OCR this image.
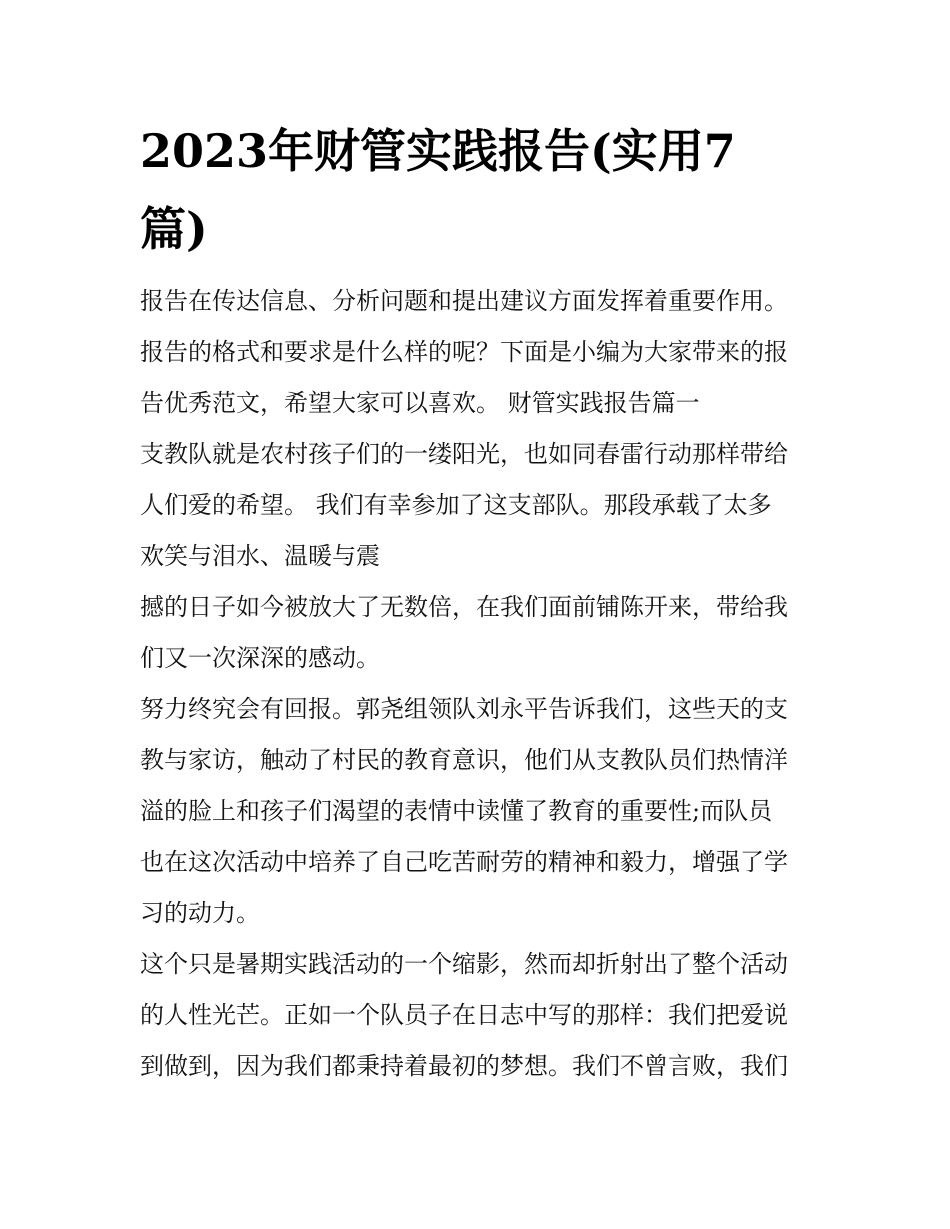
2023年财管实践报告(实用7
篇)
报告在传达信息、分析问题和提出建议方面发挥着重要作用。
报告的格式和要求是什么样的呢？下面是小编为大家带来的报
告优秀范文，希望大家可以喜欢。 财管实践报告篇一
支教队就是农村孩子们的一缕阳光，也如同春雷行动那样带给
人们爱的希望。 我们有幸参加了这支部队。那段承载了太多
欢笑与泪水、温暖与震
撼的日子如今被放大了无数倍，在我们面前铺陈开来，带给我
们又一次深深的感动。
努力终究会有回报。郭尧组领队刘永平告诉我们，这些天的支
教与家访，触动了村民的教育意识，他们从支教队员们热情洋
溢的脸上和孩子们渴望的表情中读懂了教育的重要性;而队员
也在这次活动中培养了自己吃苦耐劳的精神和毅力，增强了学
习的动力。
这个只是暑期实践活动的一个缩影，然而却折射出了整个活动
的人性光芒。正如一个队员子在日志中写的那样：我们把爱说
到做到，因为我们都秉持着最初的梦想。我们不曾言败，我们
